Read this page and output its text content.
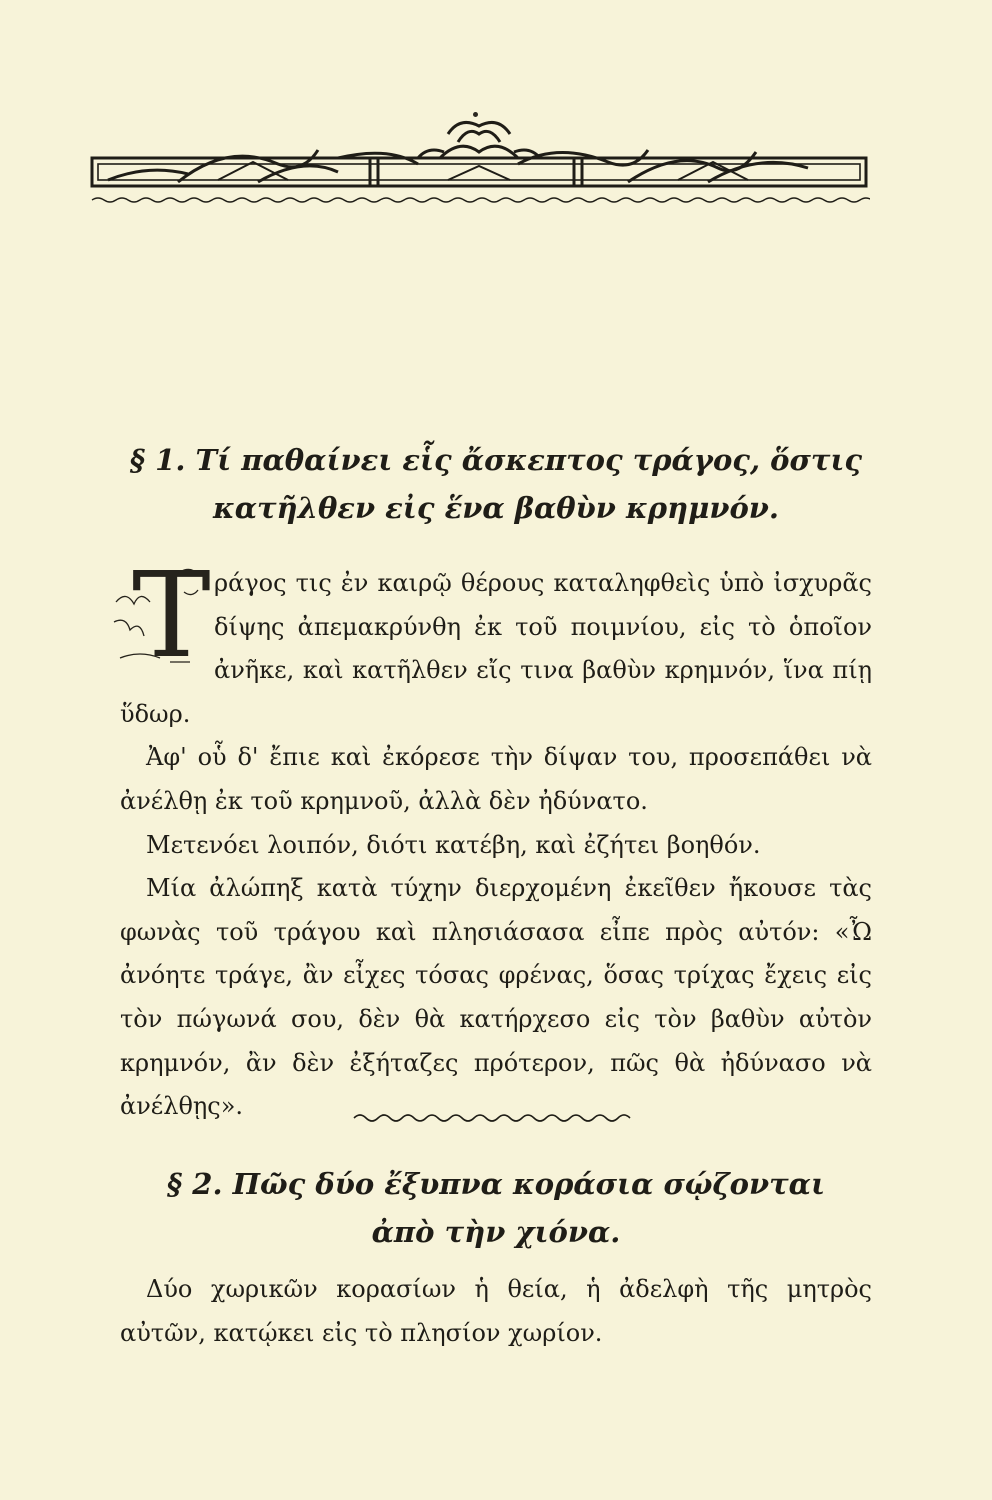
§ 1. Τί παθαίνει εἷς ἄσκεπτος τράγος, ὅστις
κατῆλθεν εἰς ἕνα βαθὺν κρημνόν.
Τ ράγος τις ἐν καιρῷ θέρους καταληφθεὶς ὑπὸ ἰσχυρᾶς δίψης ἀπεμακρύνθη ἐκ τοῦ ποιμνίου, εἰς τὸ ὁποῖον ἀνῆκε, καὶ κατῆλθεν εἴς τινα βαθὺν κρημνόν, ἵνα πίῃ ὕδωρ.

Ἀφ' οὗ δ' ἔπιε καὶ ἐκόρεσε τὴν δίψαν του, προσεπάθει νὰ ἀνέλθῃ ἐκ τοῦ κρημνοῦ, ἀλλὰ δὲν ἠδύνατο.

Μετενόει λοιπόν, διότι κατέβη, καὶ ἐζήτει βοηθόν.

Μία ἀλώπηξ κατὰ τύχην διερχομένη ἐκεῖθεν ἤκουσε τὰς φωνὰς τοῦ τράγου καὶ πλησιάσασα εἶπε πρὸς αὐτόν: «Ὦ ἀνόητε τράγε, ἂν εἶχες τόσας φρένας, ὅσας τρίχας ἔχεις εἰς τὸν πώγωνά σου, δὲν θὰ κατήρχεσο εἰς τὸν βαθὺν αὐτὸν κρημνόν, ἂν δὲν ἐξήταζες πρότερον, πῶς θὰ ἠδύνασο νὰ ἀνέλθῃς».

§ 2. Πῶς δύο ἔξυπνα κοράσια σῴζονται
ἀπὸ τὴν χιόνα.

Δύο χωρικῶν κορασίων ἡ θεία, ἡ ἀδελφὴ τῆς μητρὸς αὐτῶν, κατῴκει εἰς τὸ πλησίον χωρίον.
